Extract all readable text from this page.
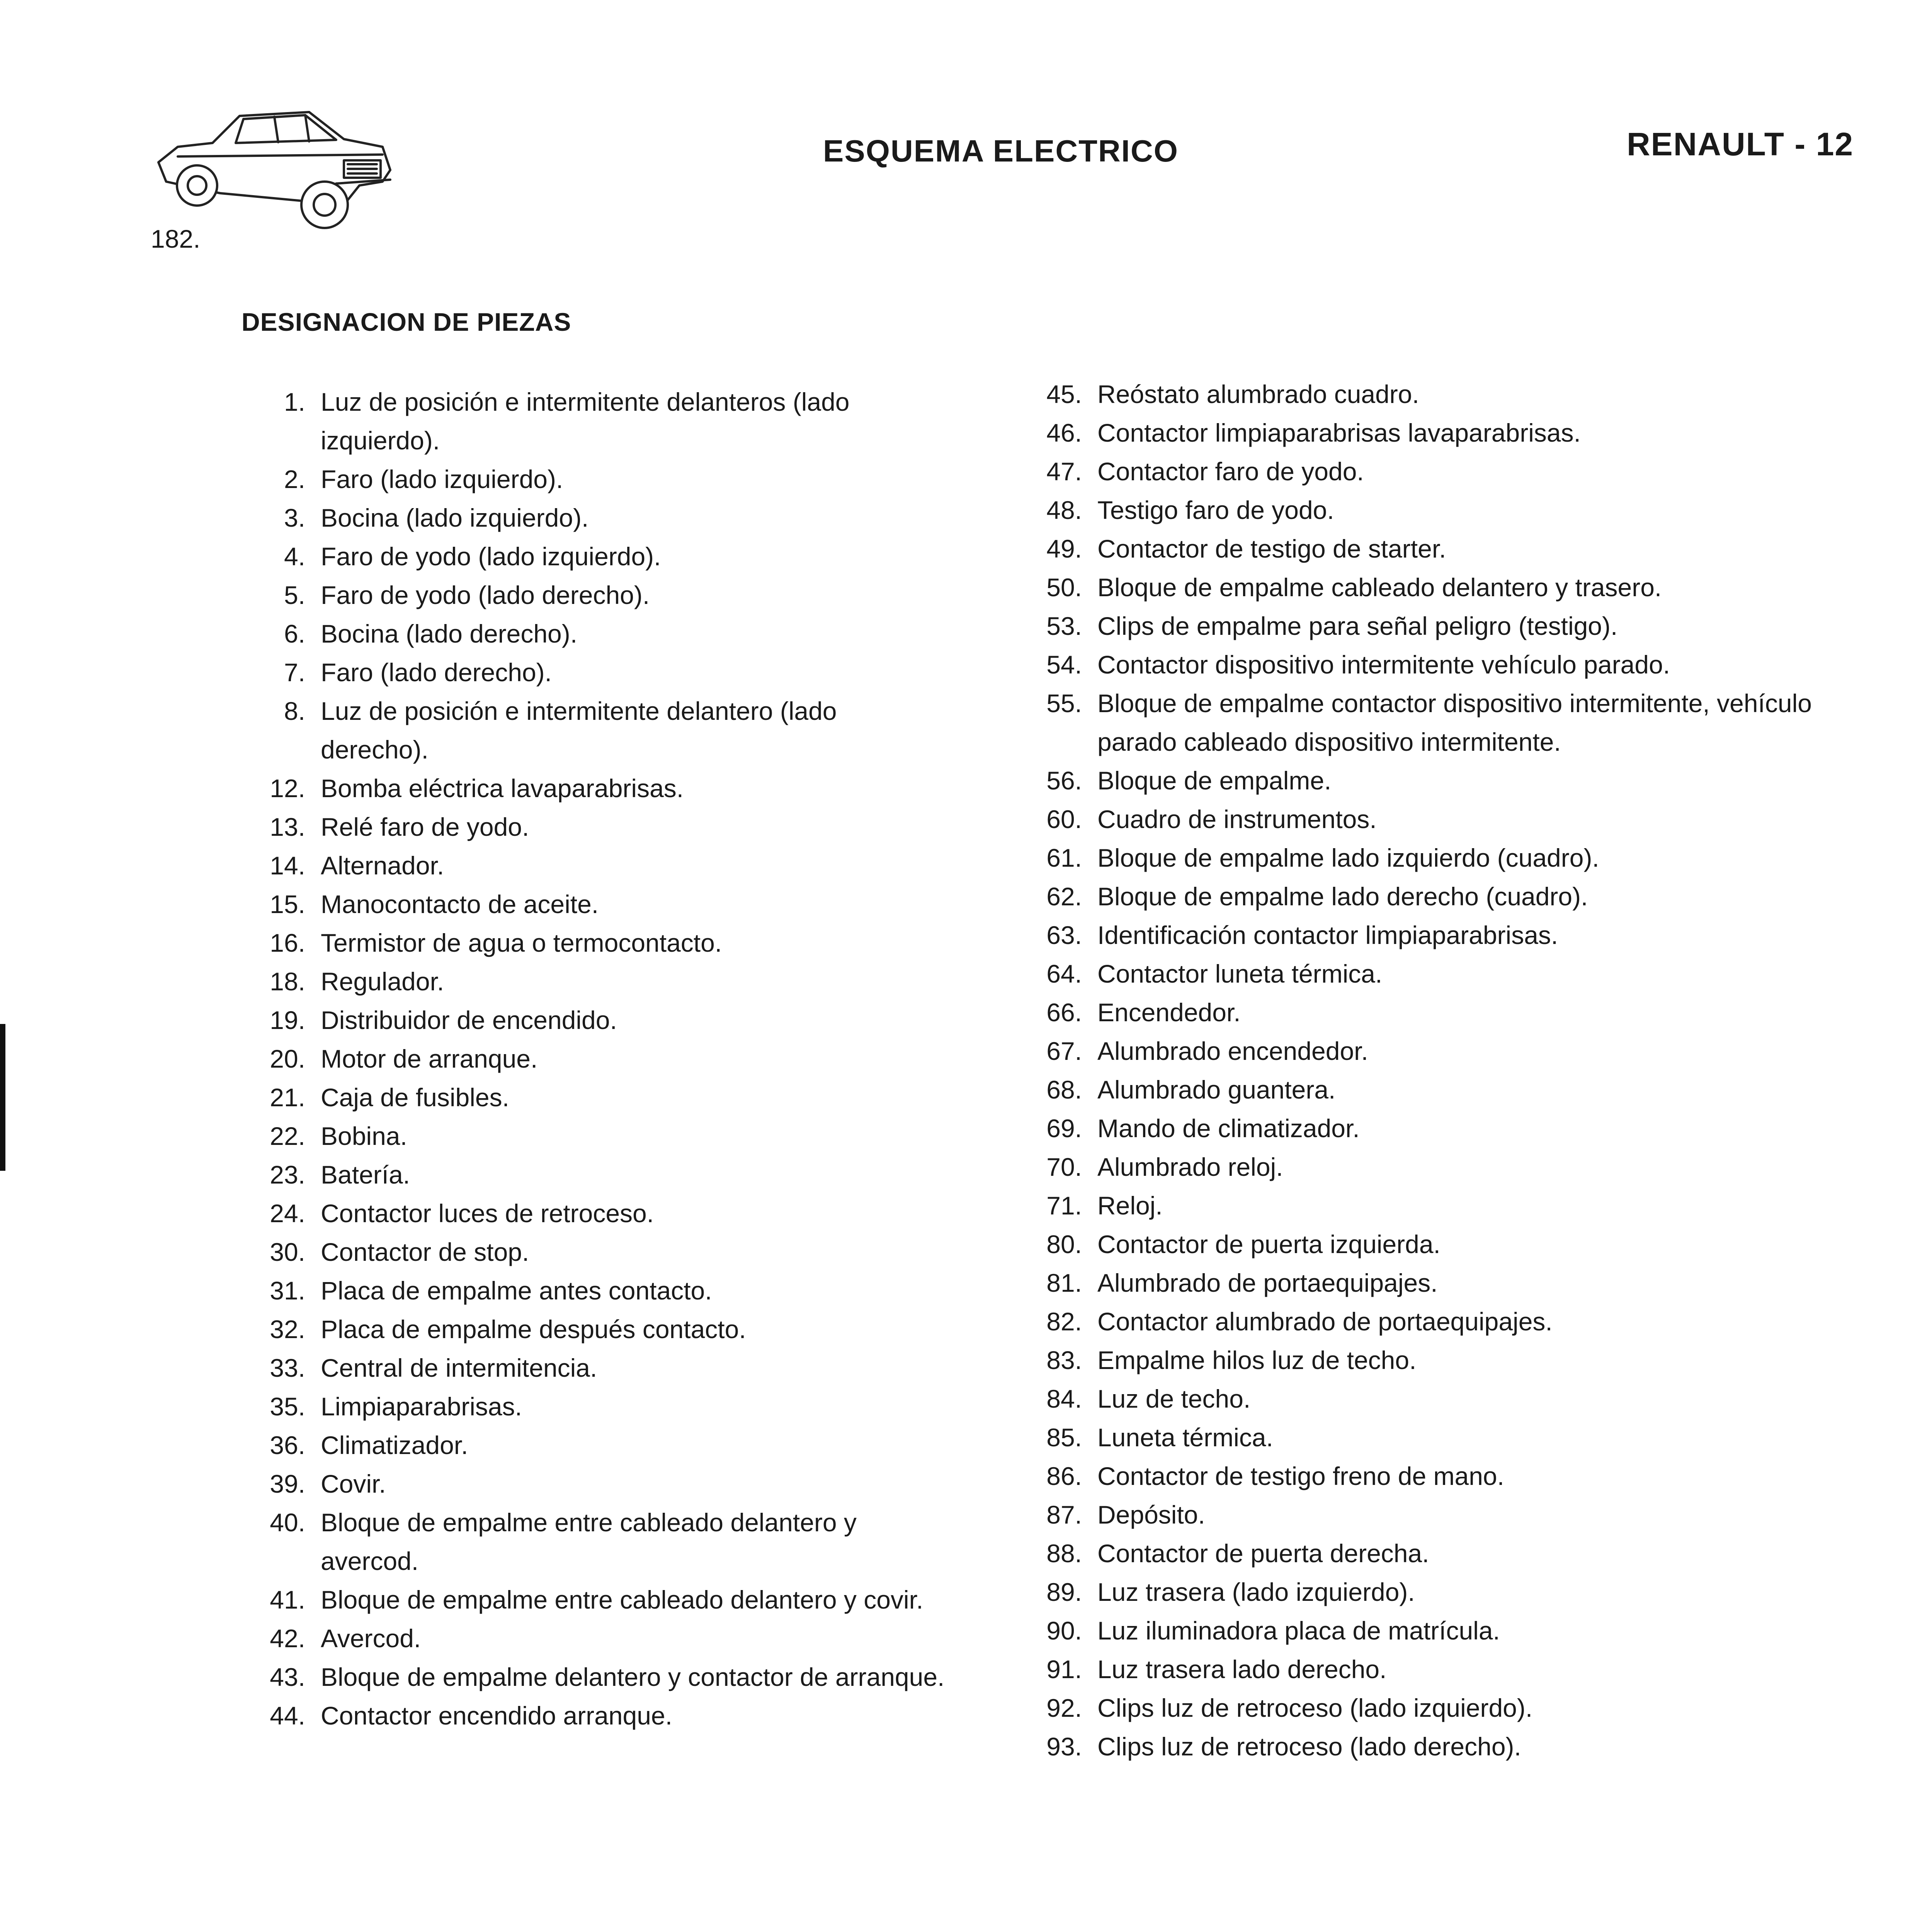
182.
ESQUEMA ELECTRICO	RENAULT - 12
DESIGNACION DE PIEZAS
1. Luz de posición e intermitente delanteros (lado izquierdo).
2. Faro (lado izquierdo).
3. Bocina (lado izquierdo).
4. Faro de yodo (lado izquierdo).
5. Faro de yodo (lado derecho).
6. Bocina (lado derecho).
7. Faro (lado derecho).
8. Luz de posición e intermitente delantero (lado derecho).
12. Bomba eléctrica lavaparabrisas.
13. Relé faro de yodo.
14. Alternador.
15. Manocontacto de aceite.
16. Termistor de agua o termocontacto.
18. Regulador.
19. Distribuidor de encendido.
20. Motor de arranque.
21. Caja de fusibles.
22. Bobina.
23. Batería.
24. Contactor luces de retroceso.
30. Contactor de stop.
31. Placa de empalme antes contacto.
32. Placa de empalme después contacto.
33. Central de intermitencia.
35. Limpiaparabrisas.
36. Climatizador.
39. Covir.
40. Bloque de empalme entre cableado delantero y avercod.
41. Bloque de empalme entre cableado delantero y covir.
42. Avercod.
43. Bloque de empalme delantero y contactor de arranque.
44. Contactor encendido arranque.
45. Reóstato alumbrado cuadro.
46. Contactor limpiaparabrisas lavaparabrisas.
47. Contactor faro de yodo.
48. Testigo faro de yodo.
49. Contactor de testigo de starter.
50. Bloque de empalme cableado delantero y trasero.
53. Clips de empalme para señal peligro (testigo).
54. Contactor dispositivo intermitente vehículo parado.
55. Bloque de empalme contactor dispositivo intermitente, vehículo parado cableado dispositivo intermitente.
56. Bloque de empalme.
60. Cuadro de instrumentos.
61. Bloque de empalme lado izquierdo (cuadro).
62. Bloque de empalme lado derecho (cuadro).
63. Identificación contactor limpiaparabrisas.
64. Contactor luneta térmica.
66. Encendedor.
67. Alumbrado encendedor.
68. Alumbrado guantera.
69. Mando de climatizador.
70. Alumbrado reloj.
71. Reloj.
80. Contactor de puerta izquierda.
81. Alumbrado de portaequipajes.
82. Contactor alumbrado de portaequipajes.
83. Empalme hilos luz de techo.
84. Luz de techo.
85. Luneta térmica.
86. Contactor de testigo freno de mano.
87. Depósito.
88. Contactor de puerta derecha.
89. Luz trasera (lado izquierdo).
90. Luz iluminadora placa de matrícula.
91. Luz trasera lado derecho.
92. Clips luz de retroceso (lado izquierdo).
93. Clips luz de retroceso (lado derecho).
